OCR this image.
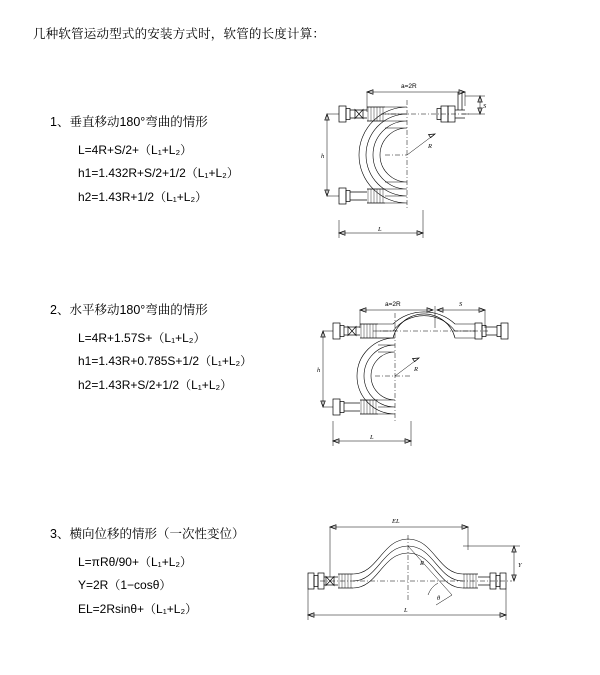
几种软管运动型式的安装方式时，软管的长度计算：
1、垂直移动180°弯曲的情形
L=4R+S/2+（L₁+L₂）
h1=1.432R+S/2+1/2（L₁+L₂）
h2=1.43R+1/2（L₁+L₂）
a=2R
R
L
h
S
2、水平移动180°弯曲的情形
L=4R+1.57S+（L₁+L₂）
h1=1.43R+0.785S+1/2（L₁+L₂）
h2=1.43R+S/2+1/2（L₁+L₂）
a=2R	S
R
L
h
3、横向位移的情形（一次性变位）
L=πRθ/90+（L₁+L₂）
Y=2R（1−cosθ）
EL=2Rsinθ+（L₁+L₂）
EL
θ
R	Y
L
